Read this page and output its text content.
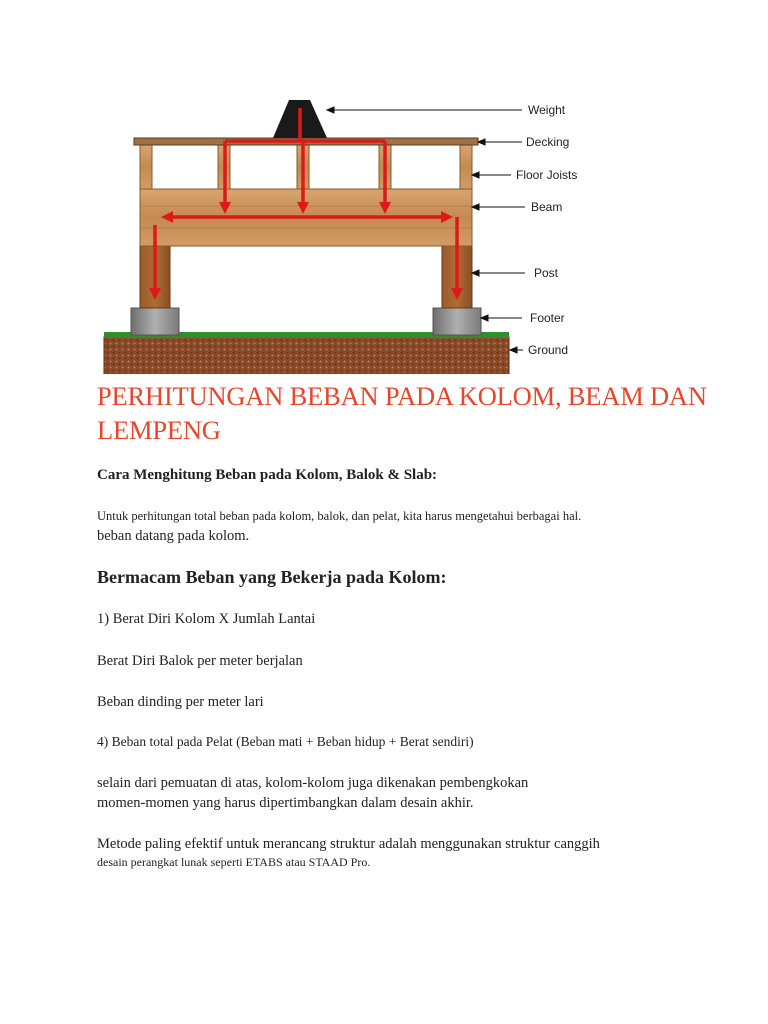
Weight
Decking
Floor Joists
Beam
Post
Footer
Ground
PERHITUNGAN BEBAN PADA KOLOM, BEAM DAN LEMPENG

Cara Menghitung Beban pada Kolom, Balok & Slab:

Untuk perhitungan total beban pada kolom, balok, dan pelat, kita harus mengetahui berbagai hal.

beban datang pada kolom.

Bermacam Beban yang Bekerja pada Kolom:

1) Berat Diri Kolom X Jumlah Lantai

Berat Diri Balok per meter berjalan

Beban dinding per meter lari

4) Beban total pada Pelat (Beban mati + Beban hidup + Berat sendiri)

selain dari pemuatan di atas, kolom-kolom juga dikenakan pembengkokan

momen-momen yang harus dipertimbangkan dalam desain akhir.

Metode paling efektif untuk merancang struktur adalah menggunakan struktur canggih

desain perangkat lunak seperti ETABS atau STAAD Pro.
